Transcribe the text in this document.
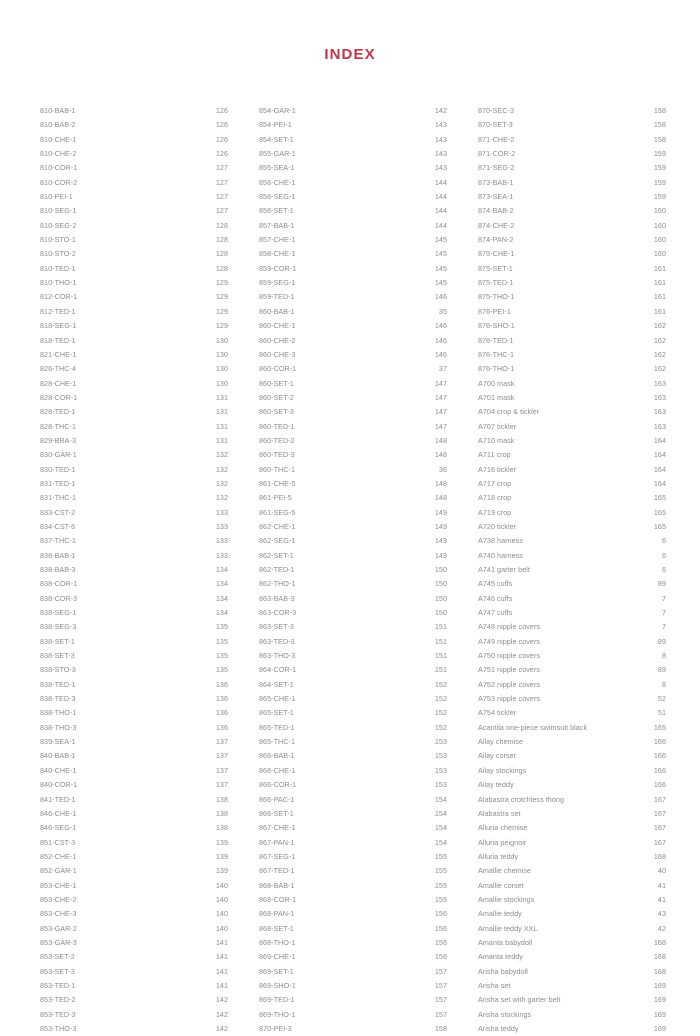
INDEX
810-BAB-1	126
810-BAB-2	126
810-CHE-1	126
810-CHE-2	126
810-COR-1	127
810-COR-2	127
810-PEI-1	127
810-SEG-1	127
810-SEG-2	128
810-STO-1	128
810-STO-2	128
810-TED-1	128
810-THO-1	129
812-COR-1	129
812-TED-1	129
818-SEG-1	129
818-TED-1	130
821-CHE-1	130
826-THC-4	130
828-CHE-1	130
828-COR-1	131
828-TED-1	131
828-THC-1	131
829-BRA-3	131
830-GAR-1	132
830-TED-1	132
831-TED-1	132
831-THC-1	132
833-CST-2	133
834-CST-6	133
837-THC-1	133
838-BAB-1	133
838-BAB-3	134
838-COR-1	134
838-COR-3	134
838-SEG-1	134
838-SEG-3	135
838-SET-1	135
838-SET-3	135
838-STO-3	135
838-TED-1	136
838-TED-3	136
838-THO-1	136
838-THO-3	136
839-SEA-1	137
840-BAB-1	137
840-CHE-1	137
840-COR-1	137
841-TED-1	138
846-CHE-1	138
846-SEG-1	138
851-CST-3	139
852-CHE-1	139
852-GAR-1	139
853-CHE-1	140
853-CHE-2	140
853-CHE-3	140
853-GAR-2	140
853-GAR-3	141
853-SET-2	141
853-SET-3	141
853-TED-1	141
853-TED-2	142
853-TED-3	142
853-THO-3	142
854-GAR-1	142
854-PEI-1	143
854-SET-1	143
855-GAR-1	143
855-SEA-1	143
856-CHE-1	144
856-SEG-1	144
856-SET-1	144
857-BAB-1	144
857-CHE-1	145
858-CHE-1	145
859-COR-1	145
859-SEG-1	145
859-TED-1	146
860-BAB-1	35
860-CHE-1	146
860-CHE-2	146
860-CHE-3	146
860-COR-1	37
860-SET-1	147
860-SET-2	147
860-SET-3	147
860-TED-1	147
860-TED-2	148
860-TED-3	148
860-THC-1	36
861-CHE-5	148
861-PEI-5	148
861-SEG-5	149
862-CHE-1	149
862-SEG-1	149
862-SET-1	149
862-TED-1	150
862-THO-1	150
863-BAB-3	150
863-COR-3	150
863-SET-3	151
863-TED-3	151
863-THO-3	151
864-COR-1	151
864-SET-1	152
865-CHE-1	152
865-SET-1	152
865-TED-1	152
865-THC-1	153
866-BAB-1	153
866-CHE-1	153
866-COR-1	153
866-PAC-1	154
866-SET-1	154
867-CHE-1	154
867-PAN-1	154
867-SEG-1	155
867-TED-1	155
868-BAB-1	155
868-COR-1	155
868-PAN-1	156
868-SET-1	156
868-THO-1	156
869-CHE-1	156
869-SET-1	157
869-SHO-1	157
869-TED-1	157
869-THO-1	157
870-PEI-3	158
870-SEC-3	158
870-SET-3	158
871-CHE-2	158
871-COR-2	159
871-SEG-2	159
873-BAB-1	159
873-SEA-1	159
874-BAB-2	160
874-CHE-2	160
874-PAN-2	160
875-CHE-1	160
875-SET-1	161
875-TED-1	161
875-THO-1	161
876-PEI-1	161
876-SHO-1	162
876-TED-1	162
876-THC-1	162
876-THO-1	162
A700 mask	163
A701 mask	163
A704 crop & tickler	163
A707 tickler	163
A710 mask	164
A711 crop	164
A716 tickler	164
A717 crop	164
A718 crop	165
A719 crop	165
A720 tickler	165
A738 harness	6
A740 harness	6
A741 garter belt	6
A745 cuffs	89
A746 cuffs	7
A747 cuffs	7
A748 nipple covers	7
A749 nipple covers	89
A750 nipple covers	8
A751 nipple covers	89
A752 nipple covers	8
A753 nipple covers	52
A754 tickler	51
Acantila one-piece swimsuit black	165
Ailay chemise	166
Ailay corset	166
Ailay stockings	166
Ailay teddy	166
Alabastra crotchless thong	167
Alabastra set	167
Alluria chemise	167
Alluria peignoir	167
Alluria teddy	168
Amallie chemise	40
Amallie corset	41
Amallie stockings	41
Amallie teddy	43
Amallie teddy XXL	42
Amanta babydoll	168
Amanta teddy	168
Arisha babydoll	168
Arisha set	169
Arisha set with garter belt	169
Arisha stockings	169
Arisha teddy	169
